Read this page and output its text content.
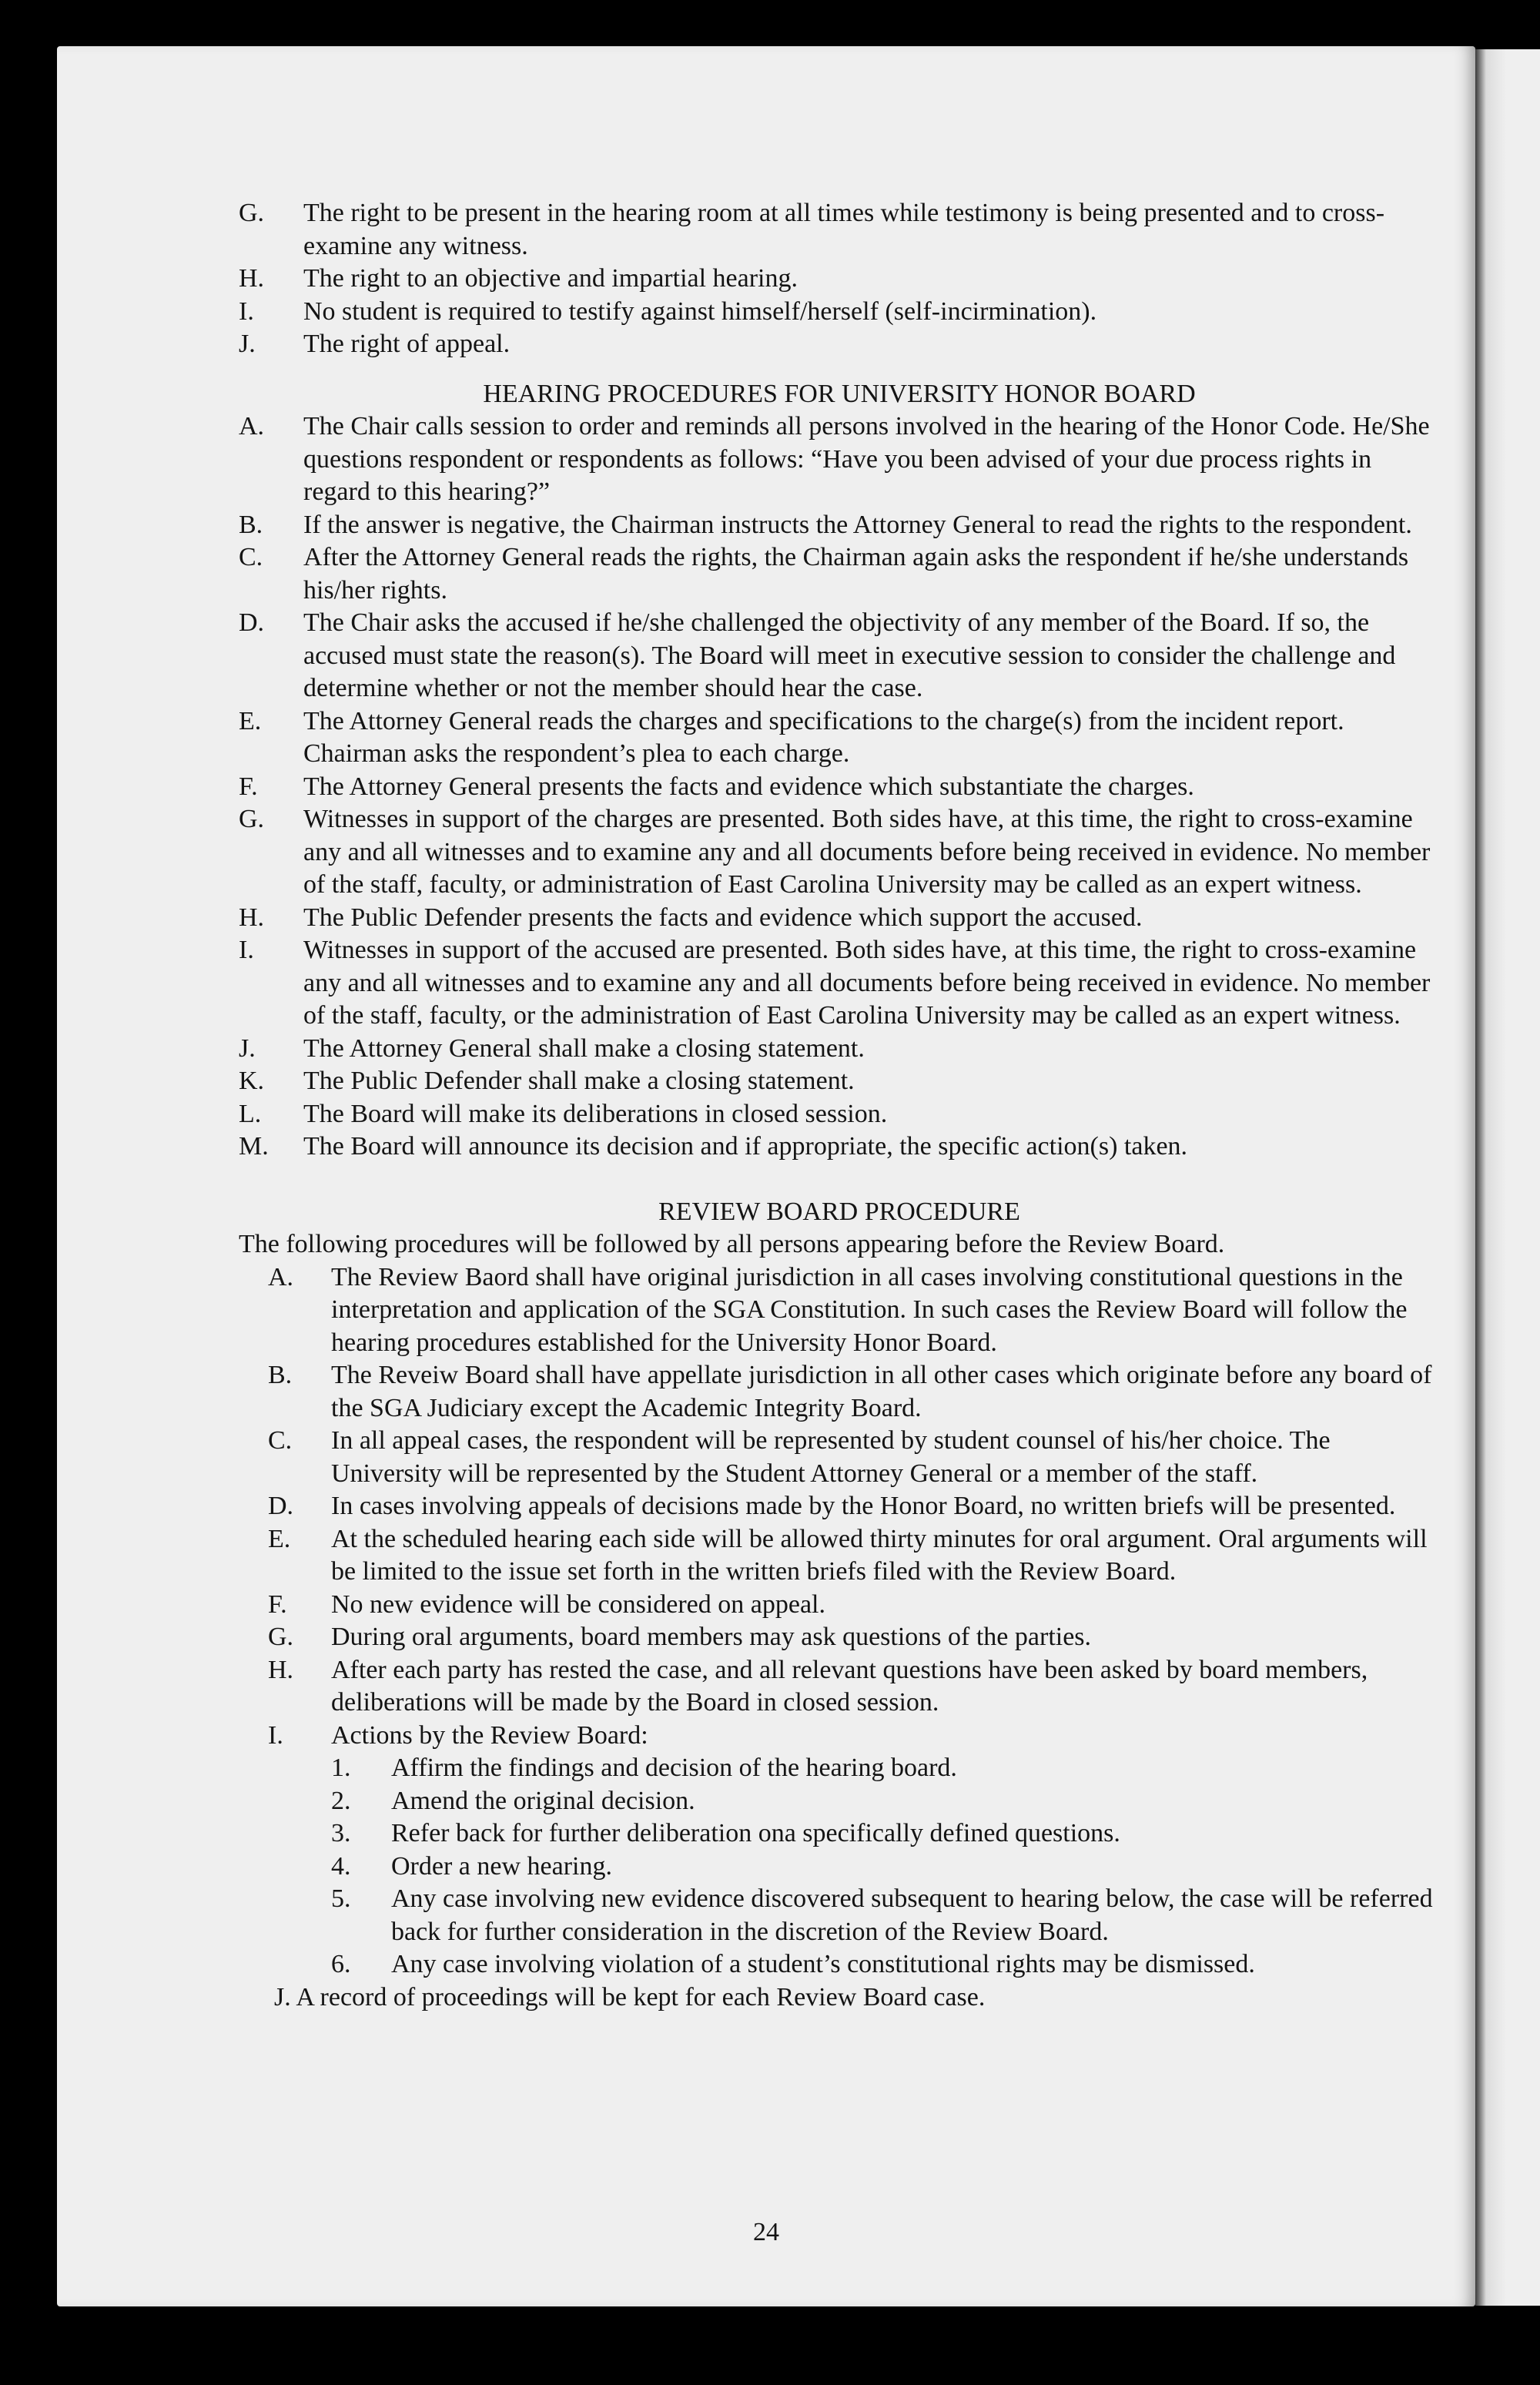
G.	The right to be present in the hearing room at all times while testimony is being presented and to cross-examine any witness.
H.	The right to an objective and impartial hearing.
I.	No student is required to testify against himself/herself (self-incirmination).
J.	The right of appeal.
HEARING PROCEDURES FOR UNIVERSITY HONOR BOARD
A.	The Chair calls session to order and reminds all persons involved in the hearing of the Honor Code. He/She questions respondent or respondents as follows: “Have you been advised of your due process rights in regard to this hearing?”
B.	If the answer is negative, the Chairman instructs the Attorney General to read the rights to the respondent.
C.	After the Attorney General reads the rights, the Chairman again asks the respondent if he/she understands his/her rights.
D.	The Chair asks the accused if he/she challenged the objectivity of any member of the Board. If so, the accused must state the reason(s). The Board will meet in executive session to consider the challenge and determine whether or not the member should hear the case.
E.	The Attorney General reads the charges and specifications to the charge(s) from the incident report. Chairman asks the respondent’s plea to each charge.
F.	The Attorney General presents the facts and evidence which substantiate the charges.
G.	Witnesses in support of the charges are presented. Both sides have, at this time, the right to cross-examine any and all witnesses and to examine any and all documents before being received in evidence. No member of the staff, faculty, or administration of East Carolina University may be called as an expert witness.
H.	The Public Defender presents the facts and evidence which support the accused.
I.	Witnesses in support of the accused are presented. Both sides have, at this time, the right to cross-examine any and all witnesses and to examine any and all documents before being received in evidence. No member of the staff, faculty, or the administration of East Carolina University may be called as an expert witness.
J.	The Attorney General shall make a closing statement.
K.	The Public Defender shall make a closing statement.
L.	The Board will make its deliberations in closed session.
M.	The Board will announce its decision and if appropriate, the specific action(s) taken.
REVIEW BOARD PROCEDURE

The following procedures will be followed by all persons appearing before the Review Board.

A.	The Review Baord shall have original jurisdiction in all cases involving constitutional questions in the interpretation and application of the SGA Constitution. In such cases the Review Board will follow the hearing procedures established for the University Honor Board.
B.	The Reveiw Board shall have appellate jurisdiction in all other cases which originate before any board of the SGA Judiciary except the Academic Integrity Board.
C.	In all appeal cases, the respondent will be represented by student counsel of his/her choice. The University will be represented by the Student Attorney General or a member of the staff.
D.	In cases involving appeals of decisions made by the Honor Board, no written briefs will be presented.
E.	At the scheduled hearing each side will be allowed thirty minutes for oral argument. Oral arguments will be limited to the issue set forth in the written briefs filed with the Review Board.
F.	No new evidence will be considered on appeal.
G.	During oral arguments, board members may ask questions of the parties.
H.	After each party has rested the case, and all relevant questions have been asked by board members, deliberations will be made by the Board in closed session.
I.	Actions by the Review Board:
1.	Affirm the findings and decision of the hearing board.
2.	Amend the original decision.
3.	Refer back for further deliberation ona specifically defined questions.
4.	Order a new hearing.
5.	Any case involving new evidence discovered subsequent to hearing below, the case will be referred back for further consideration in the discretion of the Review Board.
6.	Any case involving violation of a student’s constitutional rights may be dismissed.
J. A record of proceedings will be kept for each Review Board case.
24
